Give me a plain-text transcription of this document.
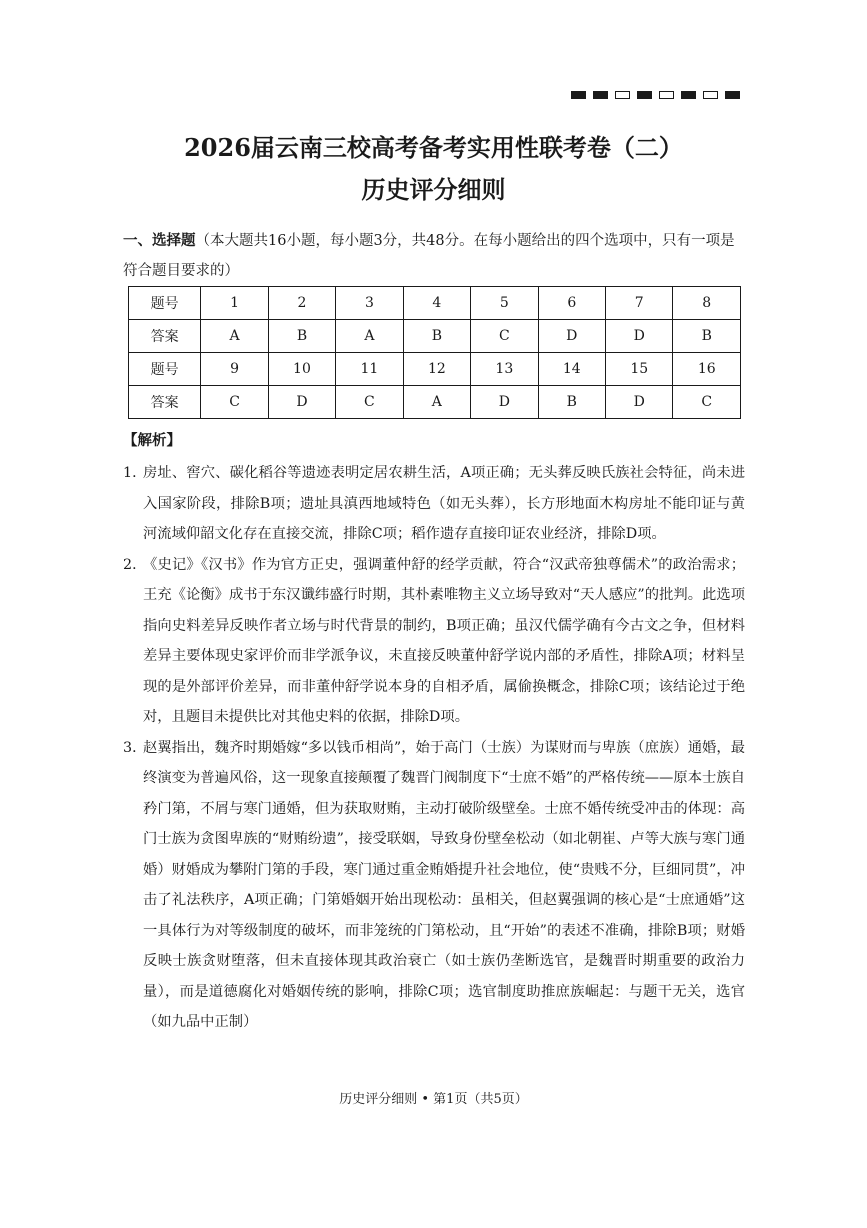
2026届云南三校高考备考实用性联考卷（二）
历史评分细则
一、选择题（本大题共16小题，每小题3分，共48分。在每小题给出的四个选项中，只有一项是符合题目要求的）
题号	1	2	3	4	5	6	7	8
答案	A	B	A	B	C	D	D	B
题号	9	10	11	12	13	14	15	16
答案	C	D	C	A	D	B	D	C
【解析】
1．
房址、窖穴、碳化稻谷等遗迹表明定居农耕生活，A项正确；无头葬反映氏族社会特征，尚未进入国家阶段，排除B项；遗址具滇西地域特色（如无头葬），长方形地面木构房址不能印证与黄河流域仰韶文化存在直接交流，排除C项；稻作遗存直接印证农业经济，排除D项。
2．
《史记》《汉书》作为官方正史，强调董仲舒的经学贡献，符合“汉武帝独尊儒术”的政治需求；王充《论衡》成书于东汉谶纬盛行时期，其朴素唯物主义立场导致对“天人感应”的批判。此选项指向史料差异反映作者立场与时代背景的制约，B项正确；虽汉代儒学确有今古文之争，但材料差异主要体现史家评价而非学派争议，未直接反映董仲舒学说内部的矛盾性，排除A项；材料呈现的是外部评价差异，而非董仲舒学说本身的自相矛盾，属偷换概念，排除C项；该结论过于绝对，且题目未提供比对其他史料的依据，排除D项。
3．
赵翼指出，魏齐时期婚嫁“多以钱币相尚”，始于高门（士族）为谋财而与卑族（庶族）通婚，最终演变为普遍风俗，这一现象直接颠覆了魏晋门阀制度下“士庶不婚”的严格传统——原本士族自矜门第，不屑与寒门通婚，但为获取财贿，主动打破阶级壁垒。士庶不婚传统受冲击的体现：高门士族为贪图卑族的“财贿纷遗”，接受联姻，导致身份壁垒松动（如北朝崔、卢等大族与寒门通婚）财婚成为攀附门第的手段，寒门通过重金贿婚提升社会地位，使“贵贱不分，巨细同贯”，冲击了礼法秩序，A项正确；门第婚姻开始出现松动：虽相关，但赵翼强调的核心是“士庶通婚”这一具体行为对等级制度的破坏，而非笼统的门第松动，且“开始”的表述不准确，排除B项；财婚反映士族贪财堕落，但未直接体现其政治衰亡（如士族仍垄断选官，是魏晋时期重要的政治力量），而是道德腐化对婚姻传统的影响，排除C项；选官制度助推庶族崛起：与题干无关，选官（如九品中正制）
历史评分细则 • 第1页（共5页）
